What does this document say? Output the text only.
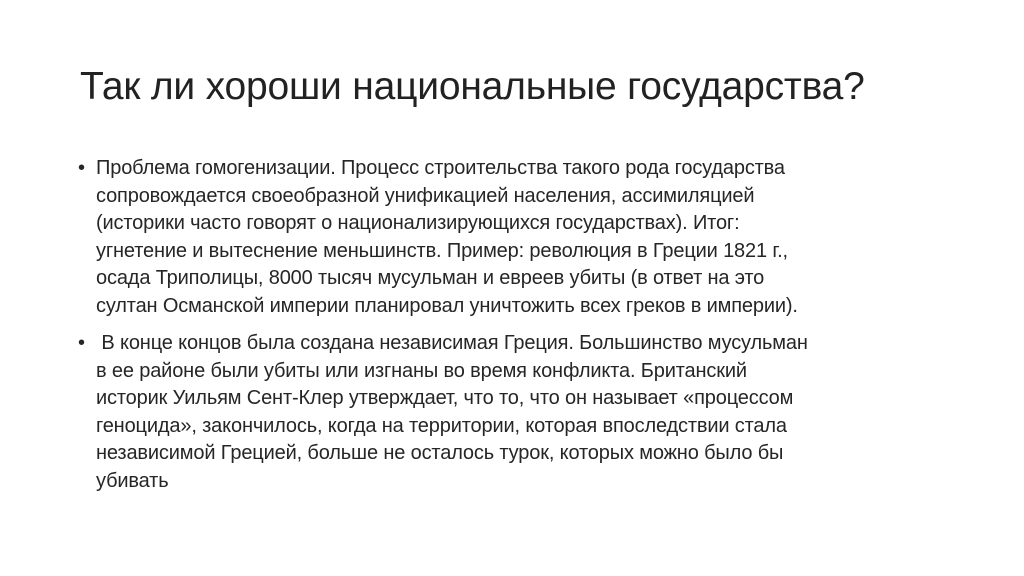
Так ли хороши национальные государства?
• Проблема гомогенизации. Процесс строительства такого рода государства
сопровождается своеобразной унификацией населения, ассимиляцией
(историки часто говорят о национализирующихся государствах). Итог:
угнетение и вытеснение меньшинств. Пример: революция в Греции 1821 г.,
осада Триполицы, 8000 тысяч мусульман и евреев убиты (в ответ на это
султан Османской империи планировал уничтожить всех греков в империи).
•  В конце концов была создана независимая Греция. Большинство мусульман
в ее районе были убиты или изгнаны во время конфликта. Британский
историк Уильям Сент-Клер утверждает, что то, что он называет «процессом
геноцида», закончилось, когда на территории, которая впоследствии стала
независимой Грецией, больше не осталось турок, которых можно было бы
убивать
